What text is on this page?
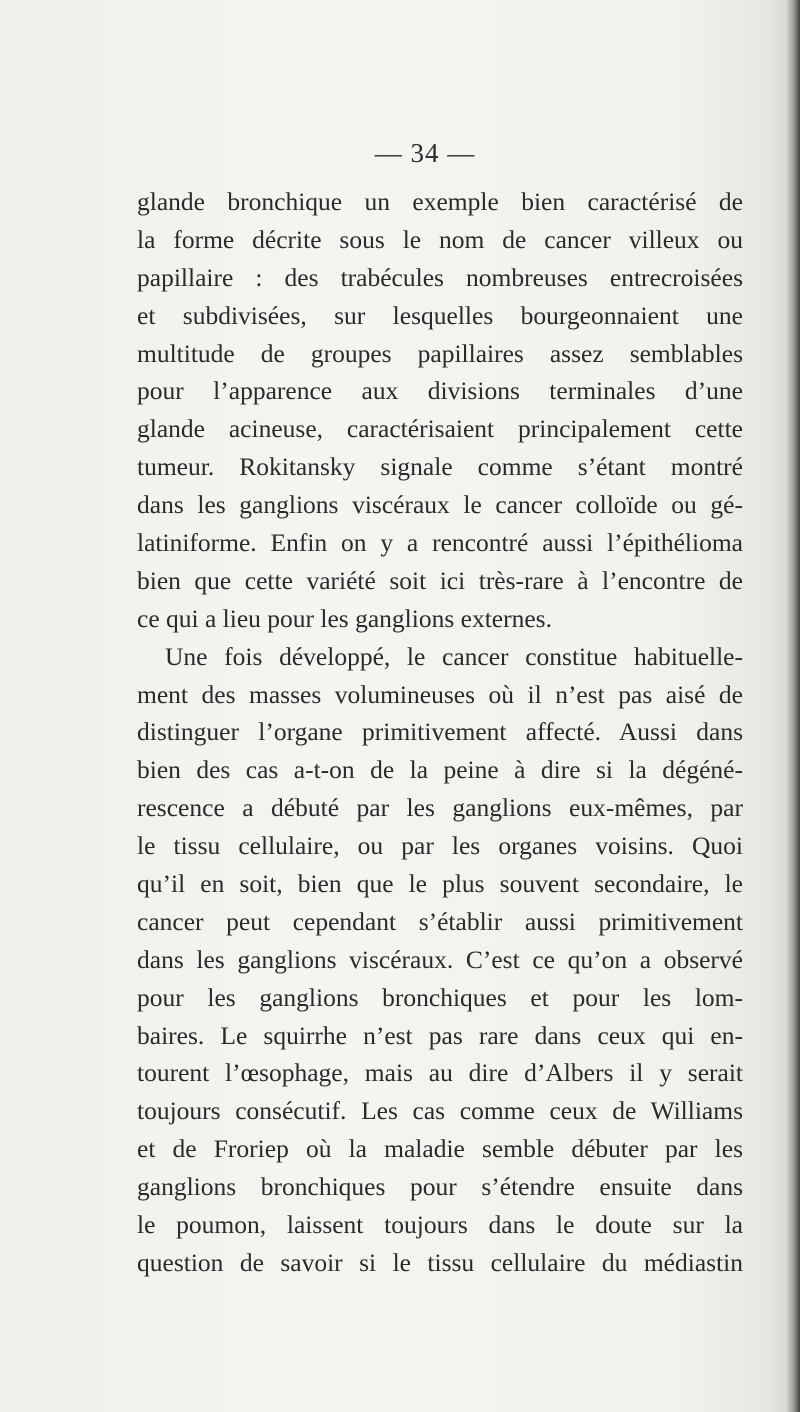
— 34 —
glande bronchique un exemple bien caractérisé de
la forme décrite sous le nom de cancer villeux ou
papillaire : des trabécules nombreuses entrecroisées
et subdivisées, sur lesquelles bourgeonnaient une
multitude de groupes papillaires assez semblables
pour l’apparence aux divisions terminales d’une
glande acineuse, caractérisaient principalement cette
tumeur. Rokitansky signale comme s’étant montré
dans les ganglions viscéraux le cancer colloïde ou gé-
latiniforme. Enfin on y a rencontré aussi l’épithélioma
bien que cette variété soit ici très-rare à l’encontre de
ce qui a lieu pour les ganglions externes.
Une fois développé, le cancer constitue habituelle-
ment des masses volumineuses où il n’est pas aisé de
distinguer l’organe primitivement affecté. Aussi dans
bien des cas a-t-on de la peine à dire si la dégéné-
rescence a débuté par les ganglions eux-mêmes, par
le tissu cellulaire, ou par les organes voisins. Quoi
qu’il en soit, bien que le plus souvent secondaire, le
cancer peut cependant s’établir aussi primitivement
dans les ganglions viscéraux. C’est ce qu’on a observé
pour les ganglions bronchiques et pour les lom-
baires. Le squirrhe n’est pas rare dans ceux qui en-
tourent l’œsophage, mais au dire d’Albers il y serait
toujours consécutif. Les cas comme ceux de Williams
et de Froriep où la maladie semble débuter par les
ganglions bronchiques pour s’étendre ensuite dans
le poumon, laissent toujours dans le doute sur la
question de savoir si le tissu cellulaire du médiastin
